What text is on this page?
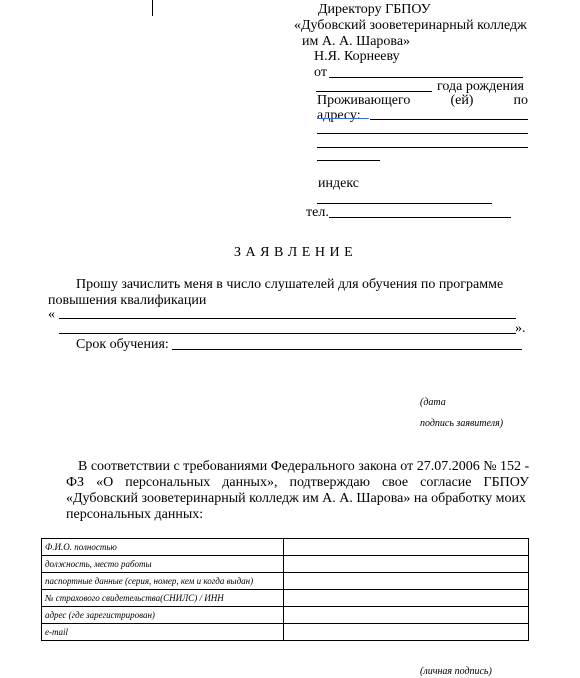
Директору ГБПОУ
«Дубовский зооветеринарный колледж
им А. А. Шарова»
Н.Я. Корнееву
от
года рождения
Проживающего	(ей)	по
адресу:
индекс
тел.
З А Я В Л Е Н И Е
Прошу зачислить меня в число слушателей для обучения по программе
повышения квалификации
«
».
Срок обучения:
(дата
подпись заявителя)
В соответствии с требованиями Федерального закона от 27.07.2006 № 152 -
ФЗ «О персональных данных», подтверждаю свое согласие ГБПОУ
«Дубовский зооветеринарный колледж им А. А. Шарова» на обработку моих
персональных данных:
Ф.И.О. полностью	
должность, место работы	
паспортные данные (серия, номер, кем и когда выдан)	
№ страхового свидетельства(СНИЛС) / ИНН	
адрес (где зарегистрирован)	
e-mail	
(личная подпись)
